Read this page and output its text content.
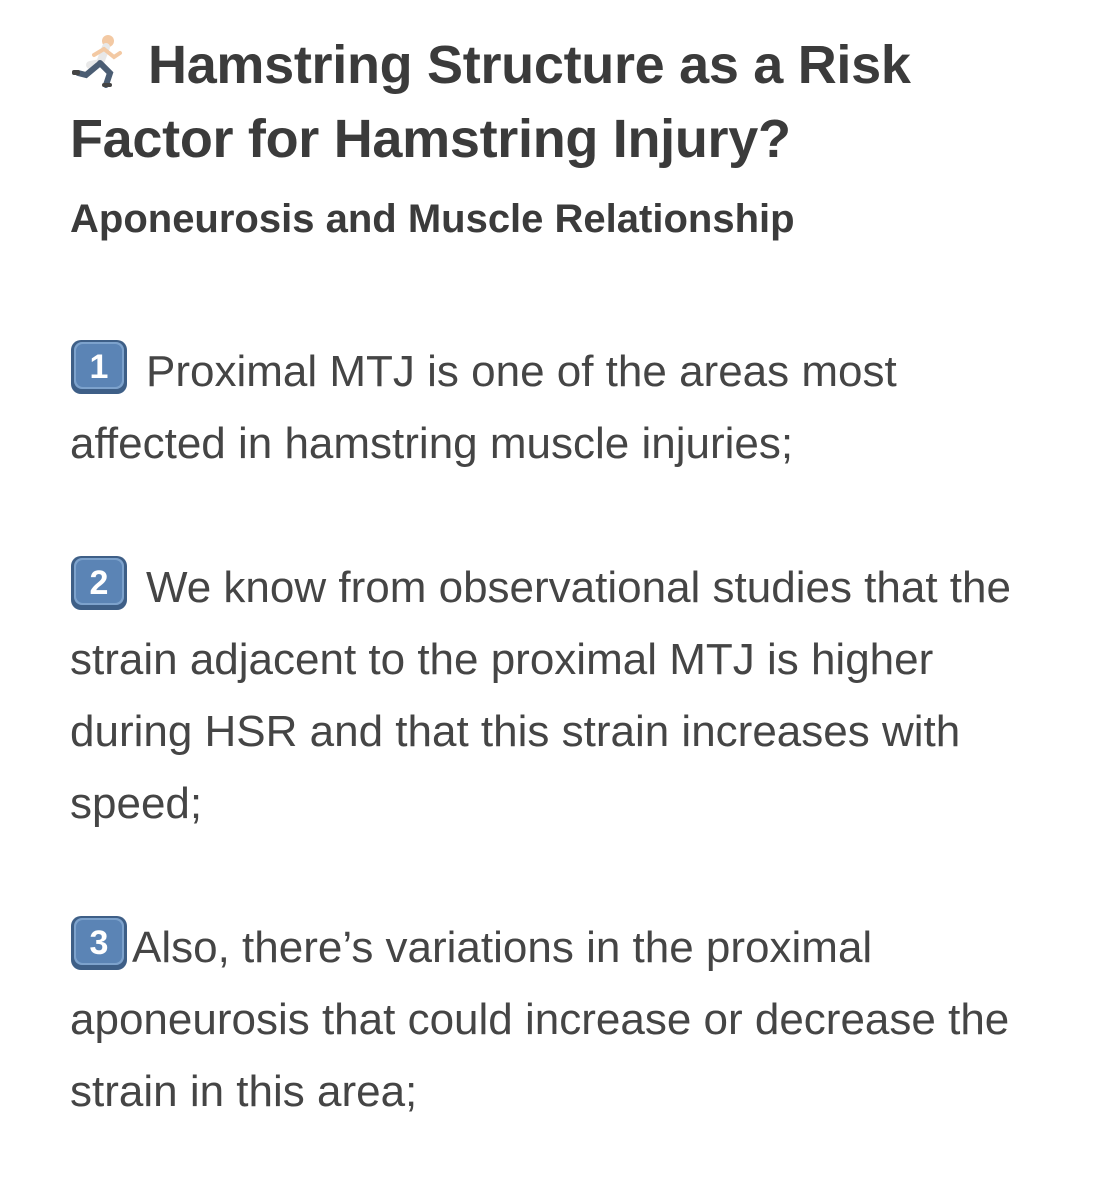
Hamstring Structure as a Risk Factor for Hamstring Injury?
Aponeurosis and Muscle Relationship

1 Proximal MTJ is one of the areas most affected in hamstring muscle injuries;

2 We know from observational studies that the strain adjacent to the proximal MTJ is higher during HSR and that this strain increases with speed;

3 Also, there’s variations in the proximal aponeurosis that could increase or decrease the strain in this area;
